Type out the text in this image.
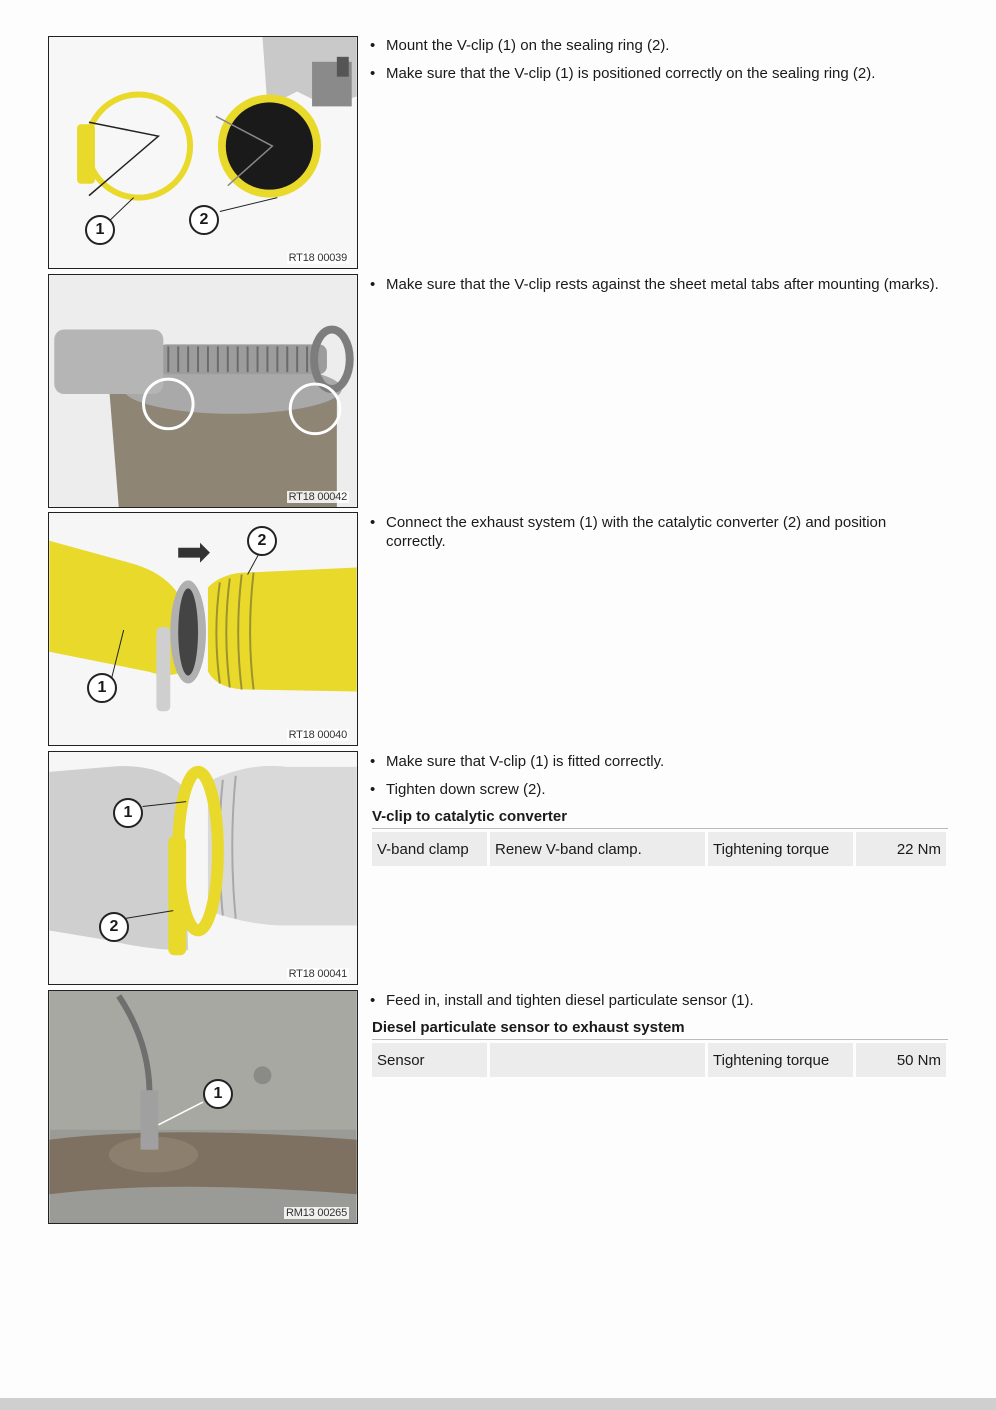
1
2
RT18 00039
• Mount the V-clip (1) on the sealing ring (2).
• Make sure that the V-clip (1) is positioned correctly on the sealing ring (2).
RT18 00042
• Make sure that the V-clip rests against the sheet metal tabs after mounting (marks).
2
1
RT18 00040
• Connect the exhaust system (1) with the catalytic converter (2) and position correctly.
1
2
RT18 00041
• Make sure that V-clip (1) is fitted correctly.
• Tighten down screw (2).
V-clip to catalytic converter
V-band clamp	Renew V-band clamp.	Tightening torque	22 Nm
1
RM13 00265
• Feed in, install and tighten diesel particulate sensor (1).
Diesel particulate sensor to exhaust system
Sensor		Tightening torque	50 Nm
